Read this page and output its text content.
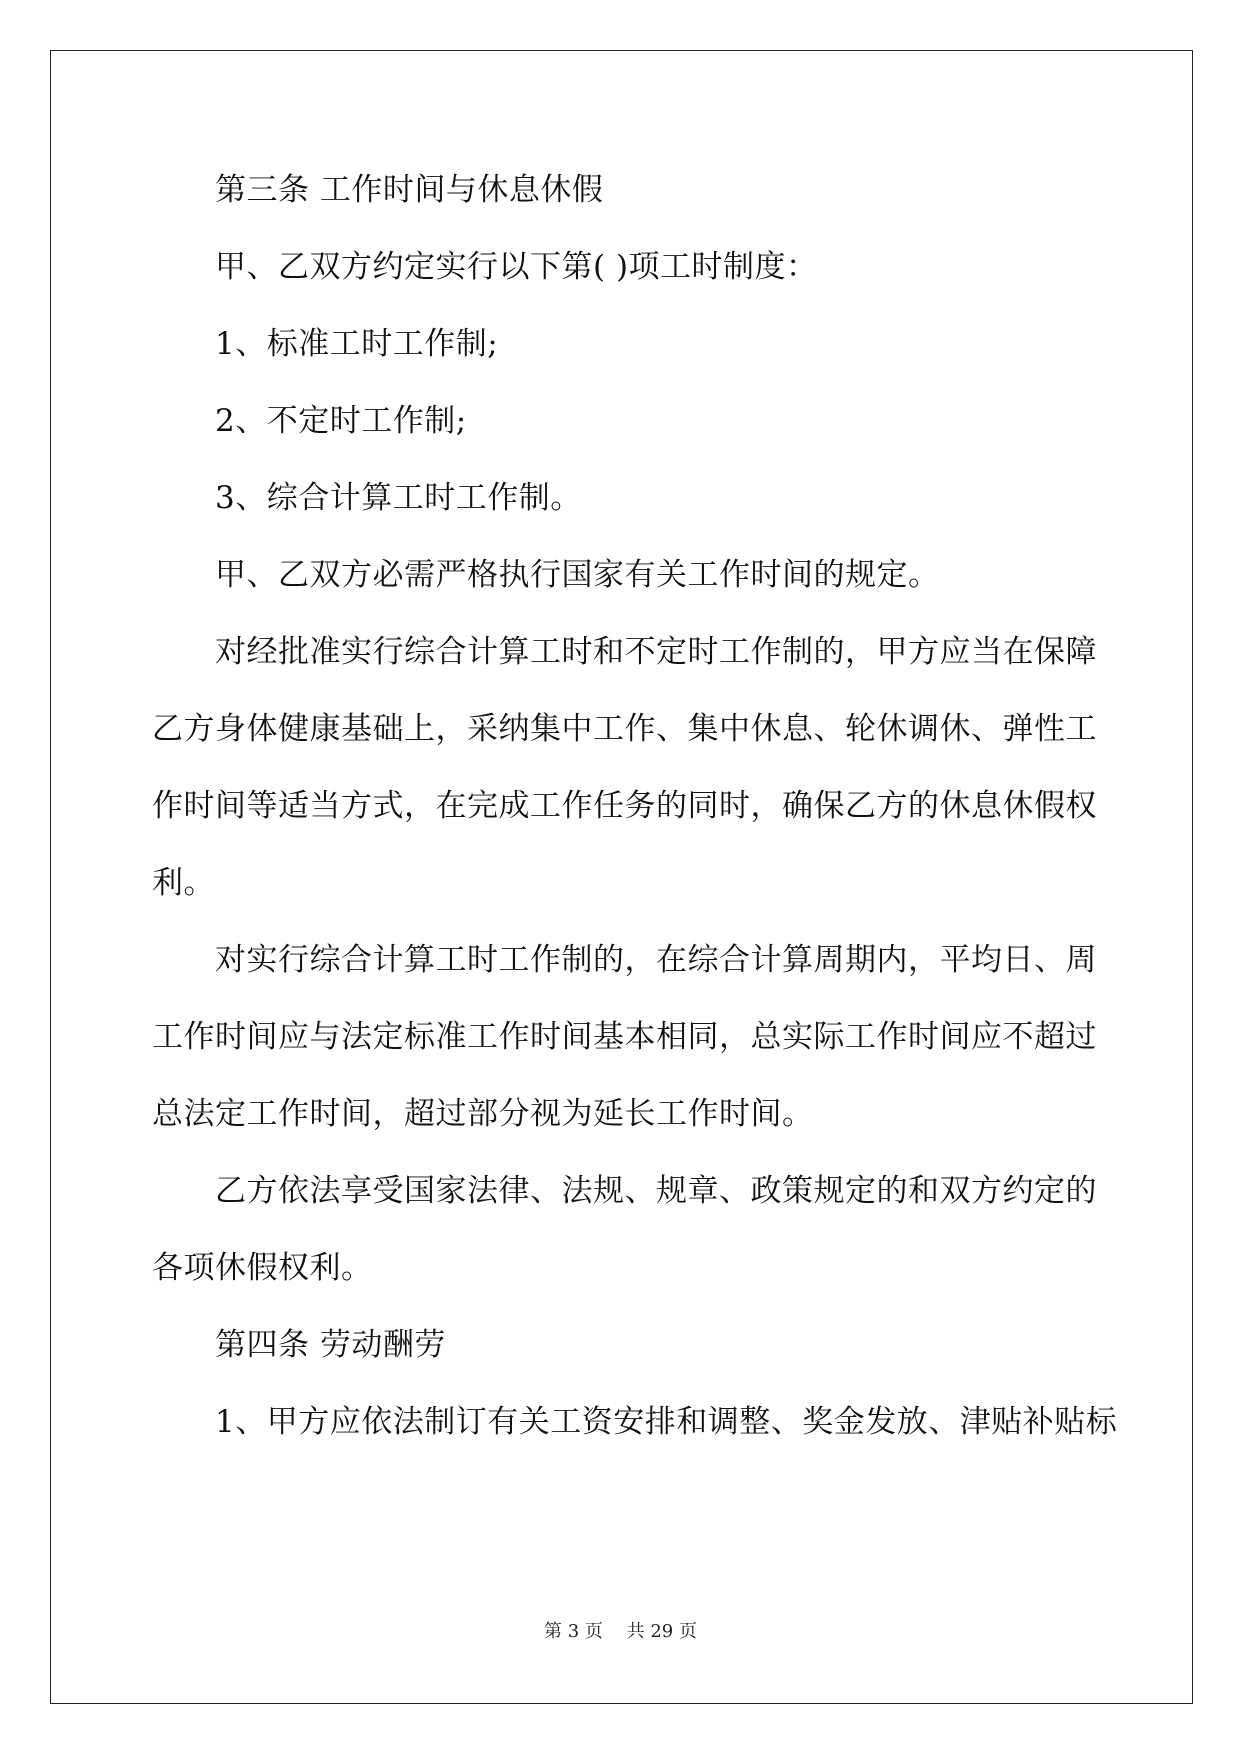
　　第三条 工作时间与休息休假
　　甲、乙双方约定实行以下第( )项工时制度：
　　1、标准工时工作制;
　　2、不定时工作制;
　　3、综合计算工时工作制。
　　甲、乙双方必需严格执行国家有关工作时间的规定。
　　对经批准实行综合计算工时和不定时工作制的，甲方应当在保障
乙方身体健康基础上，采纳集中工作、集中休息、轮休调休、弹性工
作时间等适当方式，在完成工作任务的同时，确保乙方的休息休假权
利。
　　对实行综合计算工时工作制的，在综合计算周期内，平均日、周
工作时间应与法定标准工作时间基本相同，总实际工作时间应不超过
总法定工作时间，超过部分视为延长工作时间。
　　乙方依法享受国家法律、法规、规章、政策规定的和双方约定的
各项休假权利。
　　第四条 劳动酬劳
　　1、甲方应依法制订有关工资安排和调整、奖金发放、津贴补贴标
第 3 页　 共 29 页
